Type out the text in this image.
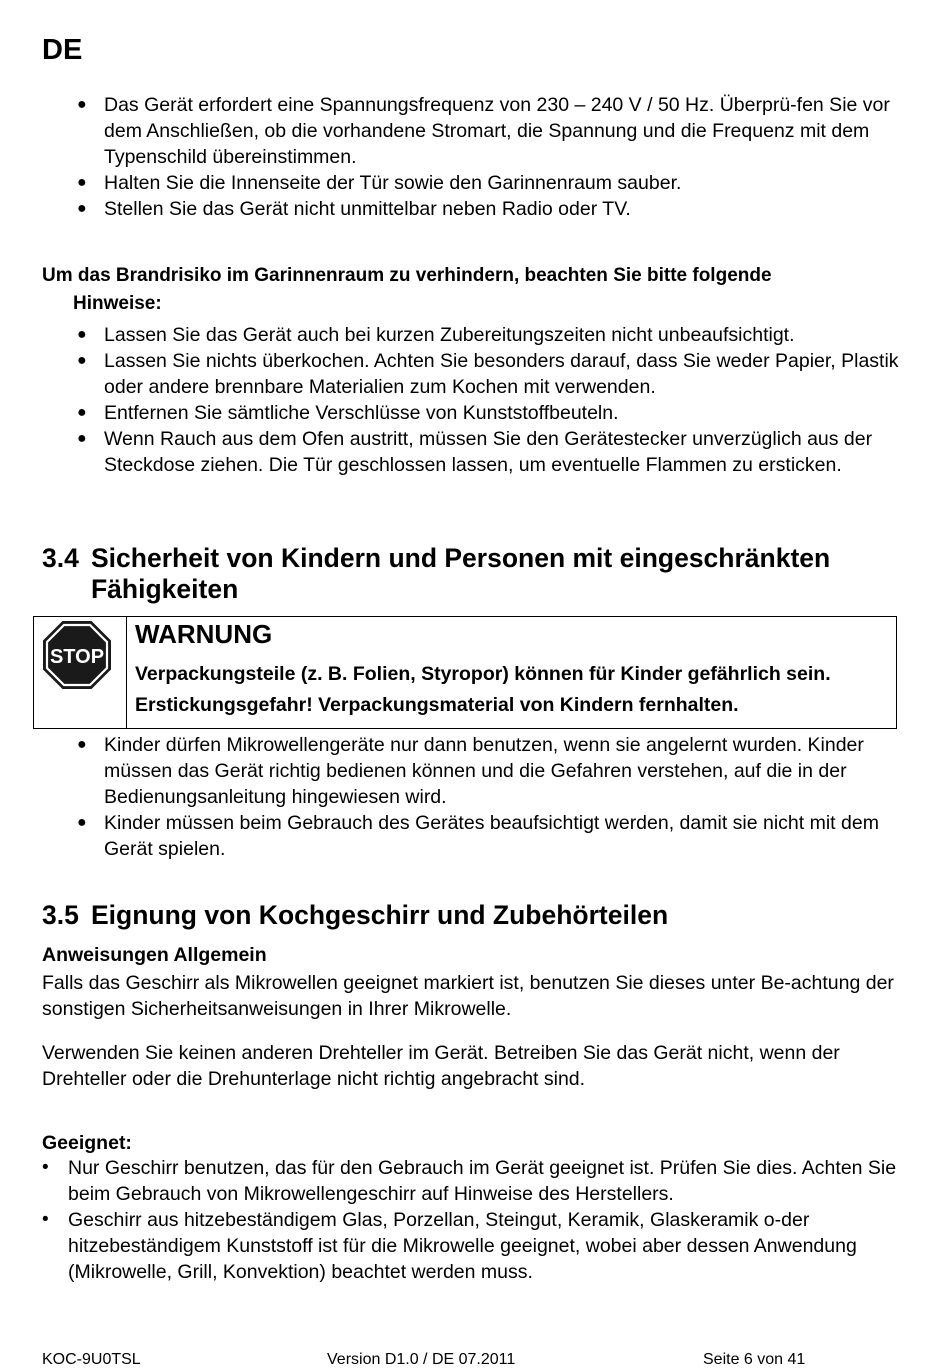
DE
● Das Gerät erfordert eine Spannungsfrequenz von 230 – 240 V / 50 Hz. Überprü-fen Sie vor dem Anschließen, ob die vorhandene Stromart, die Spannung und die Frequenz mit dem Typenschild übereinstimmen.
● Halten Sie die Innenseite der Tür sowie den Garinnenraum sauber.
● Stellen Sie das Gerät nicht unmittelbar neben Radio oder TV.

Um das Brandrisiko im Garinnenraum zu verhindern, beachten Sie bitte folgende
Hinweise:

● Lassen Sie das Gerät auch bei kurzen Zubereitungszeiten nicht unbeaufsichtigt.
● Lassen Sie nichts überkochen. Achten Sie besonders darauf, dass Sie weder Papier, Plastik oder andere brennbare Materialien zum Kochen mit verwenden.
● Entfernen Sie sämtliche Verschlüsse von Kunststoffbeuteln.
● Wenn Rauch aus dem Ofen austritt, müssen Sie den Gerätestecker unverzüglich aus der Steckdose ziehen. Die Tür geschlossen lassen, um eventuelle Flammen zu ersticken.
3.4 Sicherheit von Kindern und Personen mit eingeschränkten
Fähigkeiten
STOP

WARNUNG

Verpackungsteile (z. B. Folien, Styropor) können für Kinder gefährlich sein. Erstickungsgefahr! Verpackungsmaterial von Kindern fernhalten.

● Kinder dürfen Mikrowellengeräte nur dann benutzen, wenn sie angelernt wurden. Kinder müssen das Gerät richtig bedienen können und die Gefahren verstehen, auf die in der Bedienungsanleitung hingewiesen wird.
● Kinder müssen beim Gebrauch des Gerätes beaufsichtigt werden, damit sie nicht mit dem Gerät spielen.
3.5 Eignung von Kochgeschirr und Zubehörteilen
Anweisungen Allgemein

Falls das Geschirr als Mikrowellen geeignet markiert ist, benutzen Sie dieses unter Be-achtung der sonstigen Sicherheitsanweisungen in Ihrer Mikrowelle.

Verwenden Sie keinen anderen Drehteller im Gerät. Betreiben Sie das Gerät nicht, wenn der Drehteller oder die Drehunterlage nicht richtig angebracht sind.

Geeignet:
• Nur Geschirr benutzen, das für den Gebrauch im Gerät geeignet ist. Prüfen Sie dies. Achten Sie beim Gebrauch von Mikrowellengeschirr auf Hinweise des Herstellers.
• Geschirr aus hitzebeständigem Glas, Porzellan, Steingut, Keramik, Glaskeramik o-der hitzebeständigem Kunststoff ist für die Mikrowelle geeignet, wobei aber dessen Anwendung (Mikrowelle, Grill, Konvektion) beachtet werden muss.

KOC-9U0TSL	Version D1.0 / DE 07.2011	Seite 6 von 41
